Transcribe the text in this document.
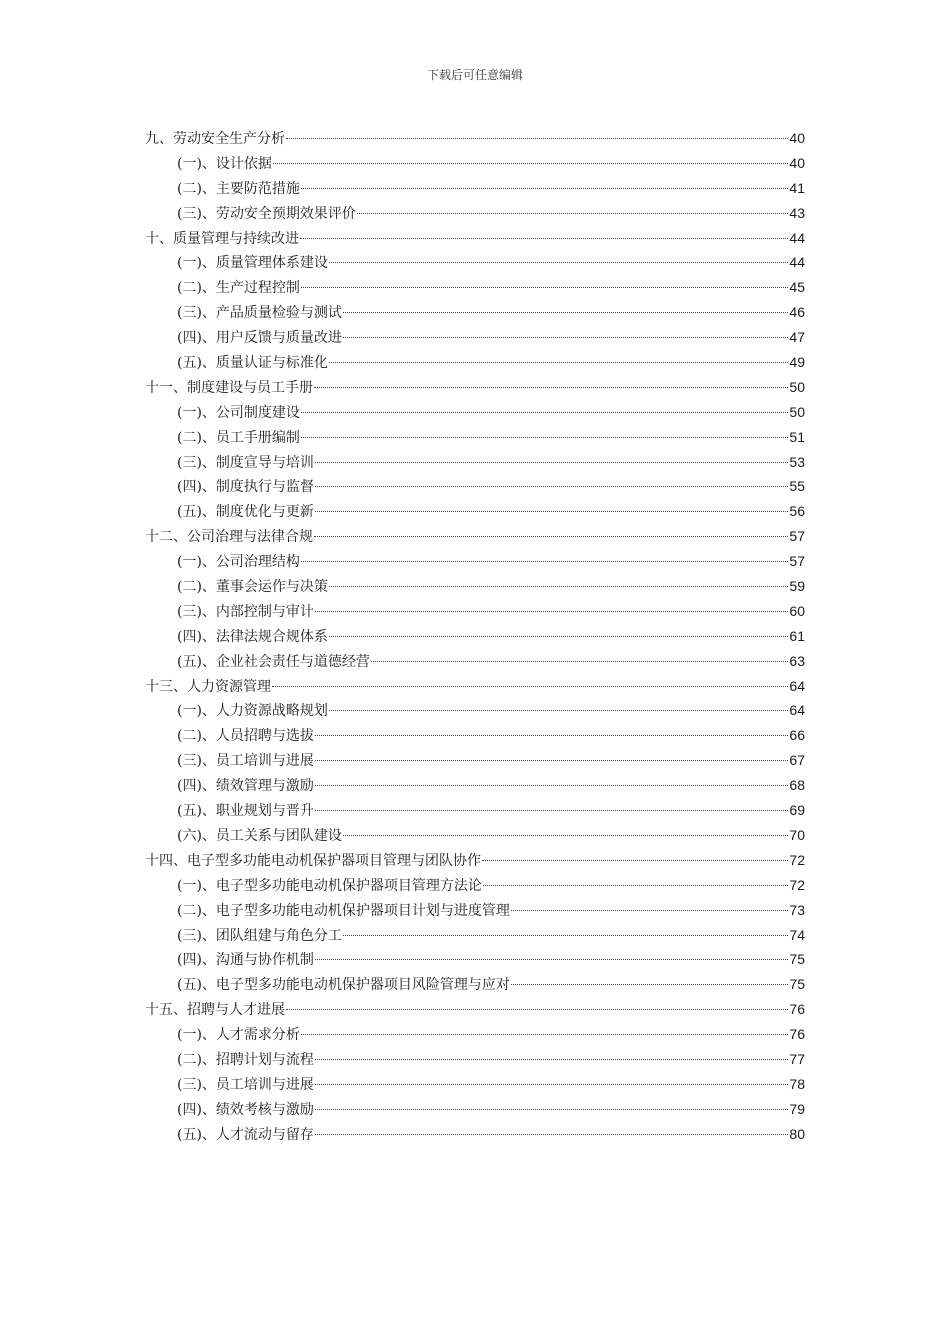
下载后可任意编辑
九、劳动安全生产分析	40
(一)、设计依据	40
(二)、主要防范措施	41
(三)、劳动安全预期效果评价	43
十、质量管理与持续改进	44
(一)、质量管理体系建设	44
(二)、生产过程控制	45
(三)、产品质量检验与测试	46
(四)、用户反馈与质量改进	47
(五)、质量认证与标准化	49
十一、制度建设与员工手册	50
(一)、公司制度建设	50
(二)、员工手册编制	51
(三)、制度宣导与培训	53
(四)、制度执行与监督	55
(五)、制度优化与更新	56
十二、公司治理与法律合规	57
(一)、公司治理结构	57
(二)、董事会运作与决策	59
(三)、内部控制与审计	60
(四)、法律法规合规体系	61
(五)、企业社会责任与道德经营	63
十三、人力资源管理	64
(一)、人力资源战略规划	64
(二)、人员招聘与选拔	66
(三)、员工培训与进展	67
(四)、绩效管理与激励	68
(五)、职业规划与晋升	69
(六)、员工关系与团队建设	70
十四、电子型多功能电动机保护器项目管理与团队协作	72
(一)、电子型多功能电动机保护器项目管理方法论	72
(二)、电子型多功能电动机保护器项目计划与进度管理	73
(三)、团队组建与角色分工	74
(四)、沟通与协作机制	75
(五)、电子型多功能电动机保护器项目风险管理与应对	75
十五、招聘与人才进展	76
(一)、人才需求分析	76
(二)、招聘计划与流程	77
(三)、员工培训与进展	78
(四)、绩效考核与激励	79
(五)、人才流动与留存	80
